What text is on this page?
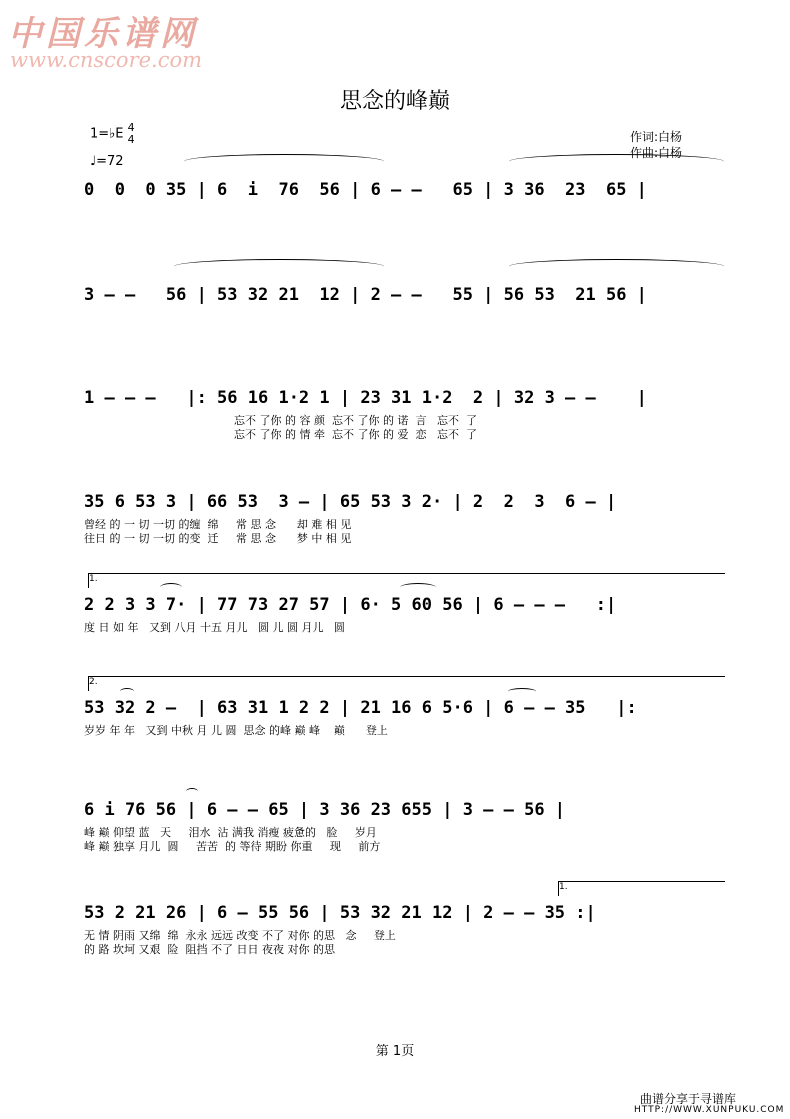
中国乐谱网
www.cnscore.com
思念的峰巅
1=♭E 4
4
♩=72
作词:白杨
作曲:白杨
0  0  0 35 | 6  i  76  56 | 6 — —   65 | 3 36  23  65 |
3 — —   56 | 53 32 21  12 | 2 — —   55 | 56 53  21 56 |
1 — — —   |: 56 16 1·2 1 | 23 31 1·2  2 | 32 3 — —    |
忘不 了你 的 容 颜  忘不 了你 的 诺  言   忘不  了
忘不 了你 的 情 牵  忘不 了你 的 爱  恋   忘不  了
35 6 53 3 | 66 53  3 — | 65 53 3 2· | 2  2  3  6 — |
曾经 的 一 切 一切 的缠  绵     常 思 念      却 难 相 见
往日 的 一 切 一切 的变  迁     常 思 念      梦 中 相 见
1.
2 2 3 3 7· | 77 73 27 57 | 6· 5 60 56 | 6 — — —   :|
度 日 如 年   又到 八月 十五 月儿   圆 儿 圆 月儿   圆
2.
53 32 2 —  | 63 31 1 2 2 | 21 16 6 5·6 | 6 — — 35   |:
岁岁 年 年   又到 中秋 月 儿 圆  思念 的峰 巅 峰    巅      登上
6 i 76 56 | 6 — — 65 | 3 36 23 655 | 3 — — 56 |
峰 巅 仰望 蓝   天     泪水  沾 满我 消瘦 疲惫的   脸     岁月
峰 巅 独享 月儿  圆     苦苦  的 等待 期盼 你重     现     前方
1.
53 2 21 26 | 6 — 55 56 | 53 32 21 12 | 2 — — 35 :|
无 情 阴雨 又绵  绵  永永 远远 改变 不了 对你 的思   念     登上
的 路 坎坷 又艰  险  阻挡 不了 日日 夜夜 对你 的思
第 1页
曲谱分享于寻谱库
HTTP://WWW.XUNPUKU.COM
